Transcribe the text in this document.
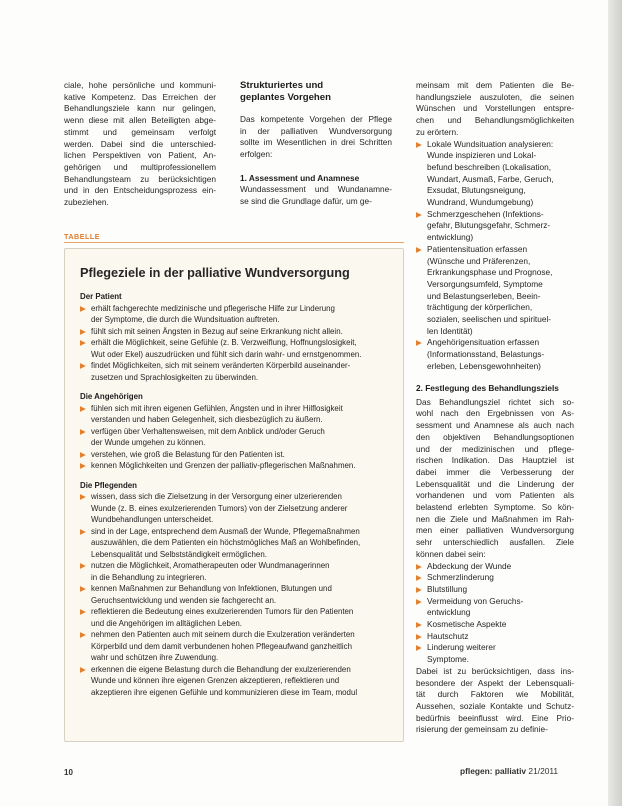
ciale, hohe persönliche und kommuni-
kative Kompetenz. Das Erreichen der
Behandlungsziele kann nur gelingen,
wenn diese mit allen Beteiligten abge-
stimmt und gemeinsam verfolgt
werden. Dabei sind die unterschied-
lichen Perspektiven von Patient, An-
gehörigen und multiprofessionellem
Behandlungsteam zu berücksichtigen
und in den Entscheidungsprozess ein-
zubeziehen.
Strukturiertes und
geplantes Vorgehen
Das kompetente Vorgehen der Pflege
in der palliativen Wundversorgung
sollte im Wesentlichen in drei Schritten
erfolgen:
1. Assessment und Anamnese
Wundassessment und Wundanamne-
se sind die Grundlage dafür, um ge-
meinsam mit dem Patienten die Be-
handlungsziele auszuloten, die seinen
Wünschen und Vorstellungen entspre-
chen und Behandlungsmöglichkeiten
zu erörtern.
▶ Lokale Wundsituation analysieren:
Wunde inspizieren und Lokal-
befund beschreiben (Lokalisation,
Wundart, Ausmaß, Farbe, Geruch,
Exsudat, Blutungsneigung,
Wundrand, Wundumgebung)
▶ Schmerzgeschehen (Infektions-
gefahr, Blutungsgefahr, Schmerz-
entwicklung)
▶ Patientensituation erfassen
(Wünsche und Präferenzen,
Erkrankungsphase und Prognose,
Versorgungsumfeld, Symptome
und Belastungserleben, Beein-
trächtigung der körperlichen,
sozialen, seelischen und spirituel-
len Identität)
▶ Angehörigensituation erfassen
(Informationsstand, Belastungs-
erleben, Lebensgewohnheiten)
2. Festlegung des Behandlungsziels
Das Behandlungsziel richtet sich so-
wohl nach den Ergebnissen von As-
sessment und Anamnese als auch nach
den objektiven Behandlungsoptionen
und der medizinischen und pflege-
rischen Indikation. Das Hauptziel ist
dabei immer die Verbesserung der
Lebensqualität und die Linderung der
vorhandenen und vom Patienten als
belastend erlebten Symptome. So kön-
nen die Ziele und Maßnahmen im Rah-
men einer palliativen Wundversorgung
sehr unterschiedlich ausfallen. Ziele
können dabei sein:
▶ Abdeckung der Wunde
▶ Schmerzlinderung
▶ Blutstillung
▶ Vermeidung von Geruchs-
entwicklung
▶ Kosmetische Aspekte
▶ Hautschutz
▶ Linderung weiterer
Symptome.
Dabei ist zu berücksichtigen, dass ins-
besondere der Aspekt der Lebensquali-
tät durch Faktoren wie Mobilität,
Aussehen, soziale Kontakte und Schutz-
bedürfnis beeinflusst wird. Eine Prio-
risierung der gemeinsam zu definie-
TABELLE
Pflegeziele in der palliative Wundversorgung
Der Patient
▶ erhält fachgerechte medizinische und pflegerische Hilfe zur Linderung
der Symptome, die durch die Wundsituation auftreten.
▶ fühlt sich mit seinen Ängsten in Bezug auf seine Erkrankung nicht allein.
▶ erhält die Möglichkeit, seine Gefühle (z. B. Verzweiflung, Hoffnungslosigkeit,
Wut oder Ekel) auszudrücken und fühlt sich darin wahr- und ernstgenommen.
▶ findet Möglichkeiten, sich mit seinem veränderten Körperbild auseinander-
zusetzen und Sprachlosigkeiten zu überwinden.
Die Angehörigen
▶ fühlen sich mit ihren eigenen Gefühlen, Ängsten und in ihrer Hilflosigkeit
verstanden und haben Gelegenheit, sich diesbezüglich zu äußern.
▶ verfügen über Verhaltensweisen, mit dem Anblick und/oder Geruch
der Wunde umgehen zu können.
▶ verstehen, wie groß die Belastung für den Patienten ist.
▶ kennen Möglichkeiten und Grenzen der palliativ-pflegerischen Maßnahmen.
Die Pflegenden
▶ wissen, dass sich die Zielsetzung in der Versorgung einer ulzerierenden
Wunde (z. B. eines exulzerierenden Tumors) von der Zielsetzung anderer
Wundbehandlungen unterscheidet.
▶ sind in der Lage, entsprechend dem Ausmaß der Wunde, Pflegemaßnahmen
auszuwählen, die dem Patienten ein höchstmögliches Maß an Wohlbefinden,
Lebensqualität und Selbstständigkeit ermöglichen.
▶ nutzen die Möglichkeit, Aromatherapeuten oder Wundmanagerinnen
in die Behandlung zu integrieren.
▶ kennen Maßnahmen zur Behandlung von Infektionen, Blutungen und
Geruchsentwicklung und wenden sie fachgerecht an.
▶ reflektieren die Bedeutung eines exulzerierenden Tumors für den Patienten
und die Angehörigen im alltäglichen Leben.
▶ nehmen den Patienten auch mit seinem durch die Exulzeration veränderten
Körperbild und dem damit verbundenen hohen Pflegeaufwand ganzheitlich
wahr und schützen ihre Zuwendung.
▶ erkennen die eigene Belastung durch die Behandlung der exulzerierenden
Wunde und können ihre eigenen Grenzen akzeptieren, reflektieren und
akzeptieren ihre eigenen Gefühle und kommunizieren diese im Team, modul
10	pflegen: palliativ 21/2011
